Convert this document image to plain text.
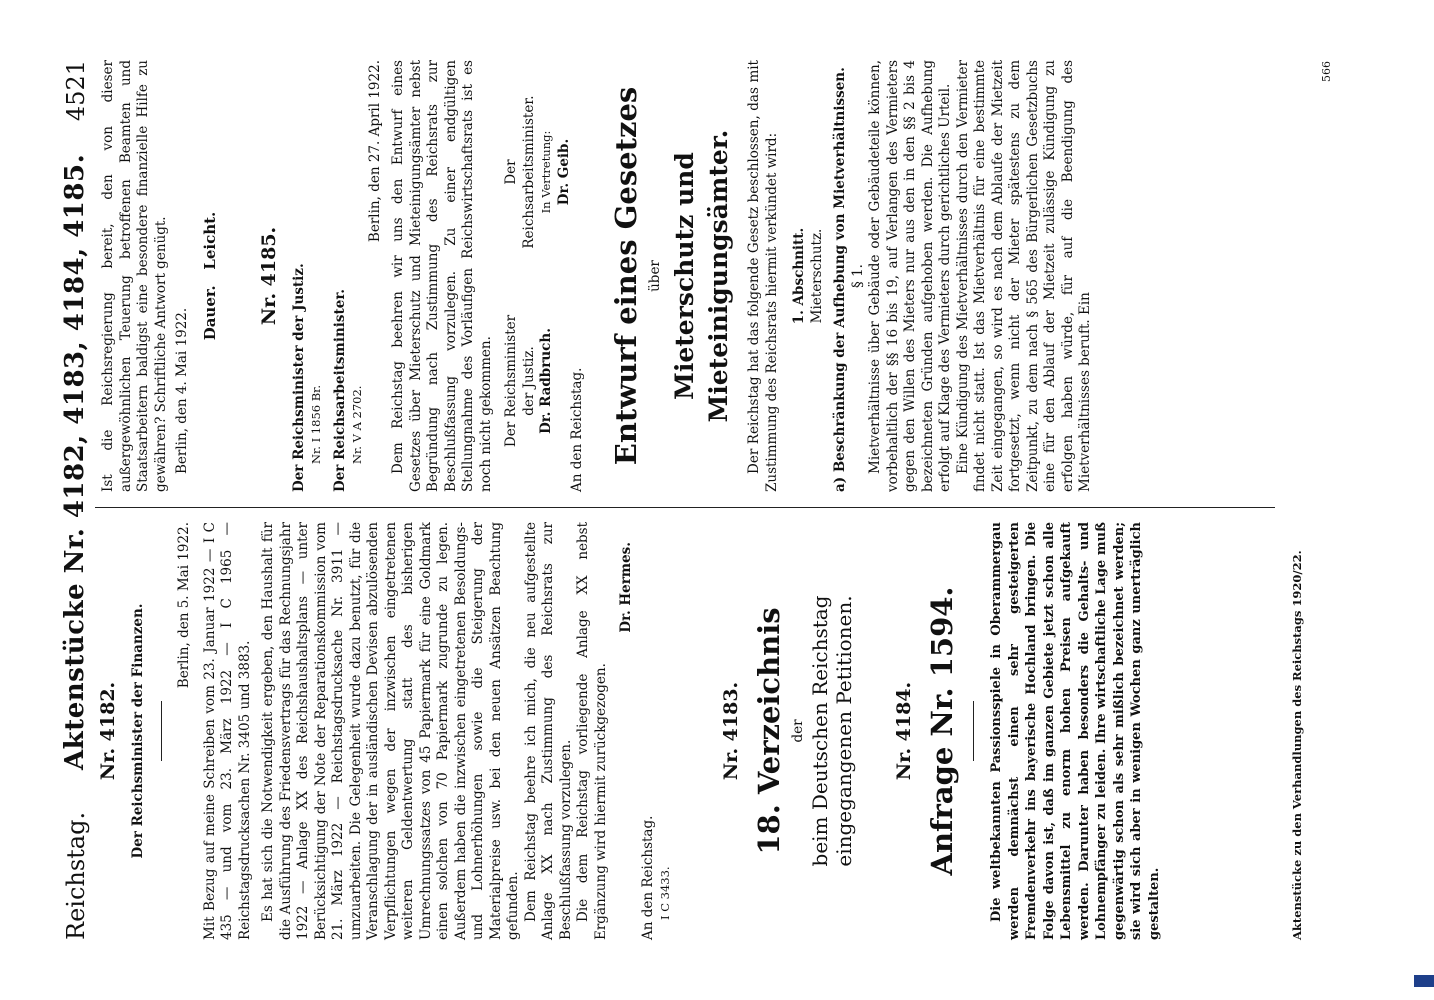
Reichstag.
Aktenstücke Nr. 4182, 4183, 4184, 4185.
4521
Nr. 4182. Der Reichsminister der Finanzen. Berlin, den 5. Mai 1922. Mit Bezug auf meine Schreiben vom 23. Januar 1922 — I C 435 — und vom 23. März 1922 — I C 1965 — Reichstagsdrucksachen Nr. 3405 und 3883. Es hat sich die Notwendigkeit ergeben, den Haushalt für die Ausführung des Friedensvertrags für das Rechnungsjahr 1922 — Anlage XX des Reichshaushaltsplans — unter Berücksichtigung der Note der Reparationskommission vom 21. März 1922 — Reichstagsdrucksache Nr. 3911 — umzuarbeiten. Die Gelegenheit wurde dazu benutzt, für die Veranschlagung der in ausländischen Devisen abzulösenden Verpflichtungen wegen der inzwischen eingetretenen weiteren Geldentwertung statt des bisherigen Umrechnungssatzes von 45 Papiermark für eine Goldmark einen solchen von 70 Papiermark zugrunde zu legen. Außerdem haben die inzwischen eingetretenen Besoldungs- und Lohnerhöhungen sowie die Steigerung der Materialpreise usw. bei den neuen Ansätzen Beachtung gefunden. Dem Reichstag beehre ich mich, die neu aufgestellte Anlage XX nach Zustimmung des Reichsrats zur Beschlußfassung vorzulegen. Die dem Reichstag vorliegende Anlage XX nebst Ergänzung wird hiermit zurückgezogen.

Dr. Hermes.

An den Reichstag. I C 3433.

Nr. 4183. 18. Verzeichnis der beim Deutschen Reichstag eingegangenen Petitionen. Nr. 4184. Anfrage Nr. 1594. Die weltbekannten Passionsspiele in Oberammergau werden demnächst einen sehr gesteigerten Fremdenverkehr ins bayerische Hochland bringen. Die Folge davon ist, daß im ganzen Gebiete jetzt schon alle Lebensmittel zu enorm hohen Preisen aufgekauft werden. Darunter haben besonders die Gehalts- und Lohnempfänger zu leiden. Ihre wirtschaftliche Lage muß gegenwärtig schon als sehr mißlich bezeichnet werden; sie wird sich aber in wenigen Wochen ganz unerträglich gestalten.	Aktenstücke zu den Verhandlungen des Reichstags 1920/22.

Ist die Reichsregierung bereit, den von dieser außergewöhnlichen Teuerung betroffenen Beamten und Staatsarbeitern baldigst eine besondere finanzielle Hilfe zu gewähren? Schriftliche Antwort genügt. Berlin, den 4. Mai 1922.

Dauer.   Leicht. Nr. 4185. Der Reichsminister der Justiz. Nr. I 1856 Br. Der Reichsarbeitsminister. Nr. V A 2702.

Berlin, den 27. April 1922. Dem Reichstag beehren wir uns den Entwurf eines Gesetzes über Mieterschutz und Mieteinigungsämter nebst Begründung nach Zustimmung des Reichsrats zur Beschlußfassung vorzulegen. Zu einer endgültigen Stellungnahme des Vorläufigen Reichswirtschaftsrats ist es noch nicht gekommen. Der Reichsminister der Justiz. Dr. Radbruch.
Der Reichsarbeitsminister. In Vertretung: Dr. Geib.

An den Reichstag. Entwurf eines Gesetzes über Mieterschutz und Mieteinigungsämter. Der Reichstag hat das folgende Gesetz beschlossen, das mit Zustimmung des Reichsrats hiermit verkündet wird: 1. Abschnitt. Mieterschutz. a) Beschränkung der Aufhebung von Mietverhältnissen. § 1. Mietverhältnisse über Gebäude oder Gebäudeteile können, vorbehaltlich der §§ 16 bis 19, auf Verlangen des Vermieters gegen den Willen des Mieters nur aus den in den §§ 2 bis 4 bezeichneten Gründen aufgehoben werden. Die Aufhebung erfolgt auf Klage des Vermieters durch gerichtliches Urteil. Eine Kündigung des Mietverhältnisses durch den Vermieter findet nicht statt. Ist das Mietverhältnis für eine bestimmte Zeit eingegangen, so wird es nach dem Ablaufe der Mietzeit fortgesetzt, wenn nicht der Mieter spätestens zu dem Zeitpunkt, zu dem nach § 565 des Bürgerlichen Gesetzbuchs eine für den Ablauf der Mietzeit zulässige Kündigung zu erfolgen haben würde, für auf die Beendigung des Mietverhältnisses beruft. Ein

566
